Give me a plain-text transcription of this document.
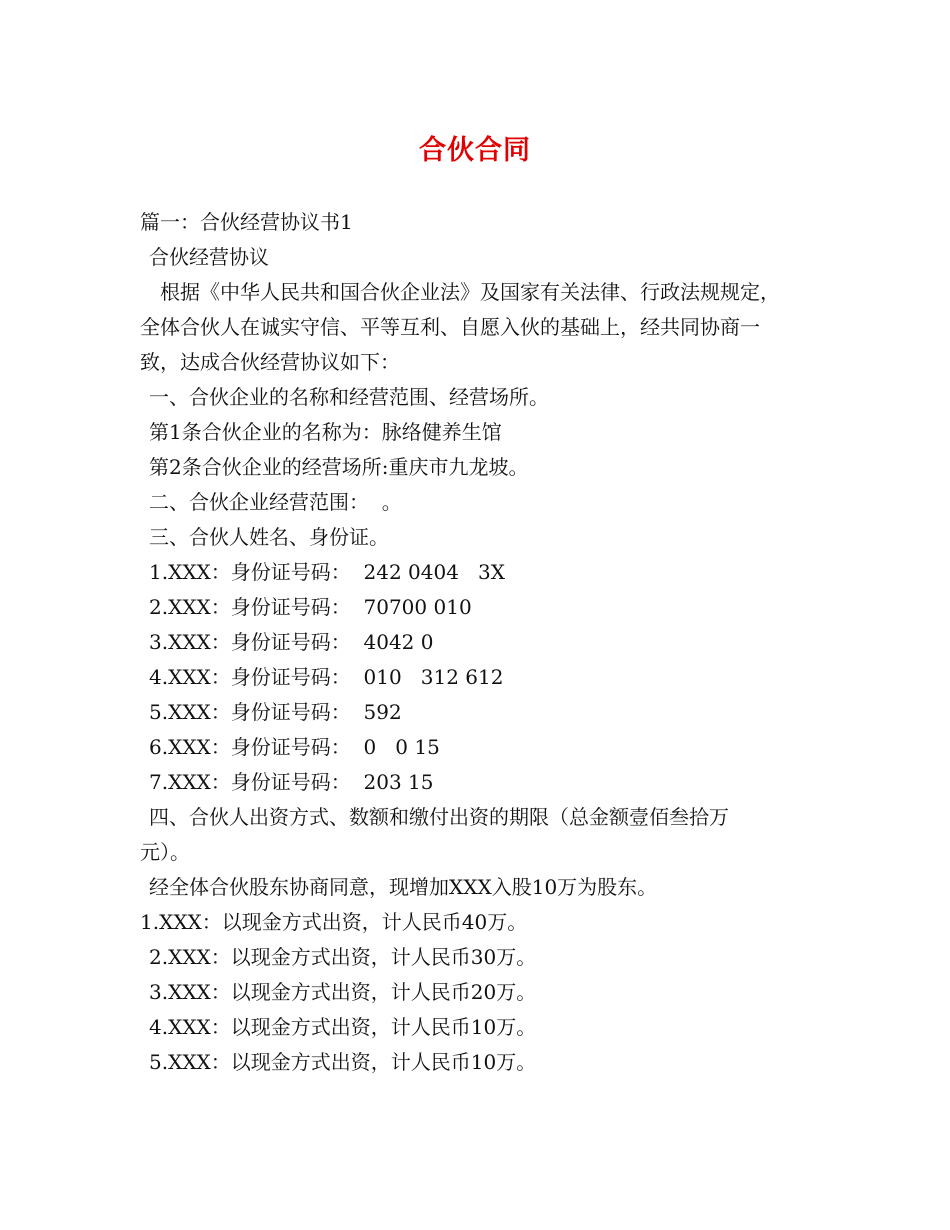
合伙合同
篇一：合伙经营协议书1
合伙经营协议
根据《中华人民共和国合伙企业法》及国家有关法律、行政法规规定，
全体合伙人在诚实守信、平等互利、自愿入伙的基础上，经共同协商一
致，达成合伙经营协议如下：
一、合伙企业的名称和经营范围、经营场所。
第1条合伙企业的名称为：脉络健养生馆
第2条合伙企业的经营场所:重庆市九龙坡。
二、合伙企业经营范围：  。
三、合伙人姓名、身份证。
1.XXX：身份证号码：  242 0404   3X
2.XXX：身份证号码：  70700 010
3.XXX：身份证号码：  4042 0
4.XXX：身份证号码：  010   312 612
5.XXX：身份证号码：  592
6.XXX：身份证号码：  0   0 15
7.XXX：身份证号码：  203 15
四、合伙人出资方式、数额和缴付出资的期限（总金额壹佰叁拾万
元）。
经全体合伙股东协商同意，现增加XXX入股10万为股东。
1.XXX：以现金方式出资，计人民币40万。
2.XXX：以现金方式出资，计人民币30万。
3.XXX：以现金方式出资，计人民币20万。
4.XXX：以现金方式出资，计人民币10万。
5.XXX：以现金方式出资，计人民币10万。
